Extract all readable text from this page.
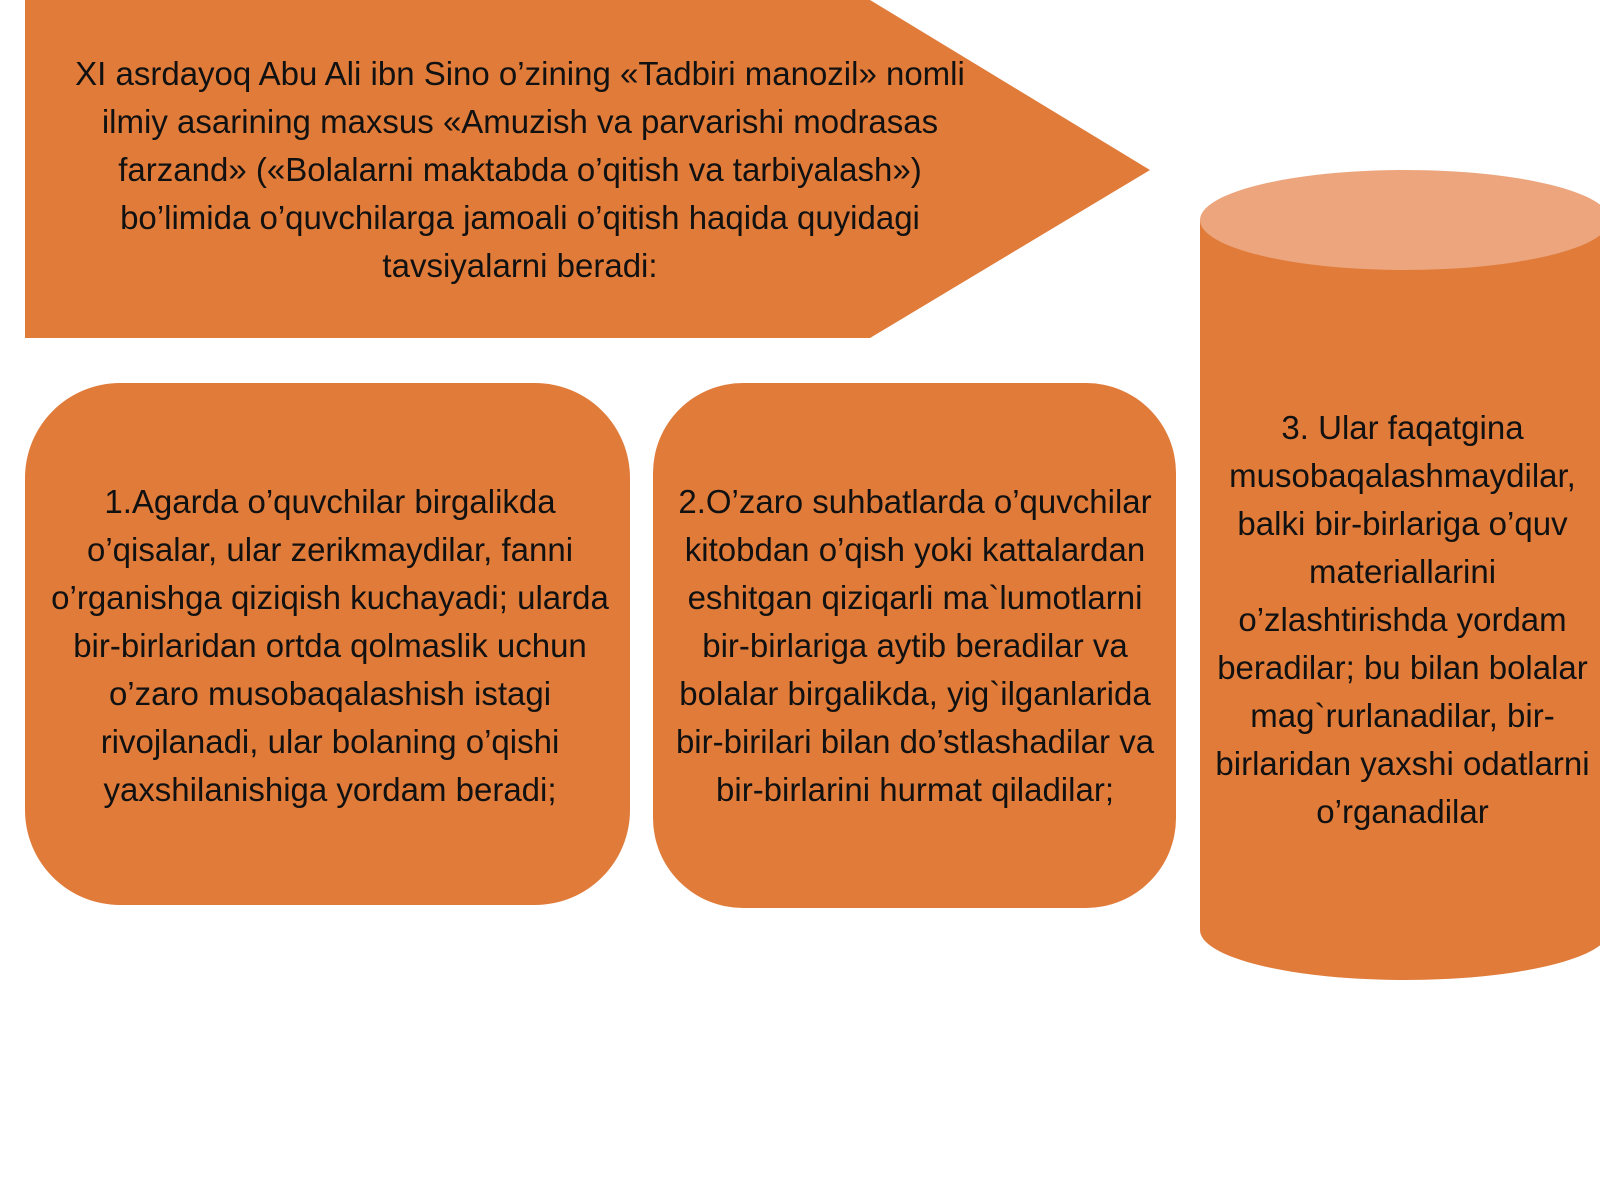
XI asrdayoq Abu Ali ibn Sino o’zining «Tadbiri manozil» nomli ilmiy asarining maxsus «Amuzish va parvarishi modrasas farzand» («Bolalarni maktabda o’qitish va tarbiyalash») bo’limida o’quvchilarga jamoali o’qitish haqida quyidagi tavsiyalarni beradi:
1.Agarda o’quvchilar birgalikda o’qisalar, ular zerikmaydilar, fanni o’rganishga qiziqish kuchayadi; ularda bir-birlaridan ortda qolmaslik uchun o’zaro musobaqalashish istagi rivojlanadi, ular bolaning o’qishi yaxshilanishiga yordam beradi;
2.O’zaro suhbatlarda o’quvchilar kitobdan o’qish yoki kattalardan eshitgan qiziqarli ma`lumotlarni bir-birlariga aytib beradilar va bolalar birgalikda, yig`ilganlarida bir-birilari bilan do’stlashadilar va bir-birlarini hurmat qiladilar;
3. Ular faqatgina musobaqalashmaydilar, balki bir-birlariga o’quv materiallarini o’zlashtirishda yordam beradilar; bu bilan bolalar mag`rurlanadilar, bir-birlaridan yaxshi odatlarni o’rganadilar
